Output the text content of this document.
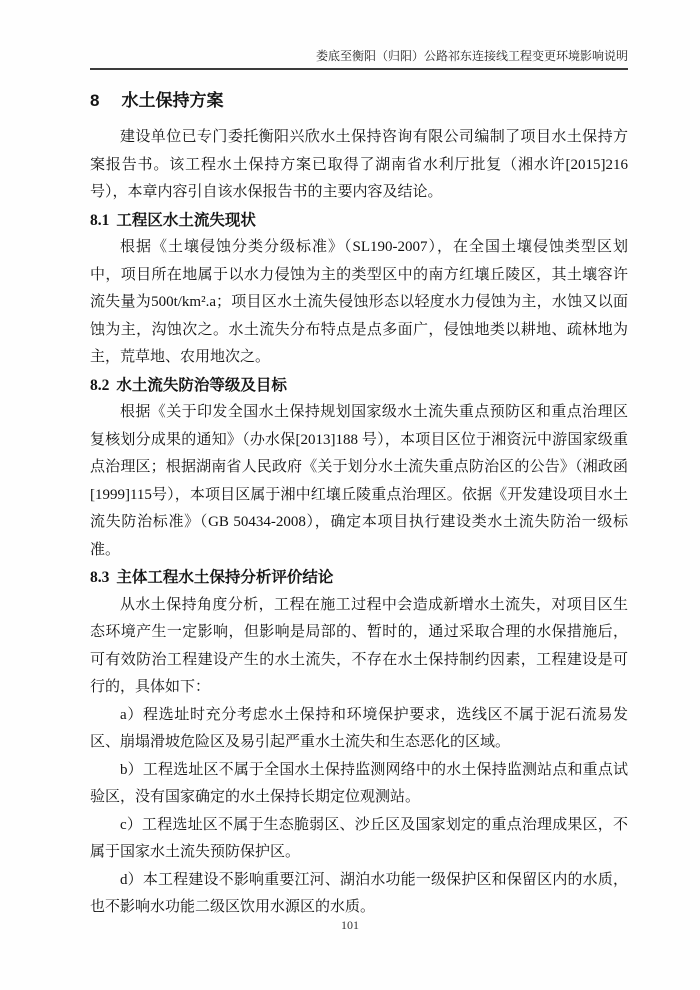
娄底至衡阳（归阳）公路祁东连接线工程变更环境影响说明
8 水土保持方案

建设单位已专门委托衡阳兴欣水土保持咨询有限公司编制了项目水土保持方案报告书。该工程水土保持方案已取得了湖南省水利厅批复（湘水许[2015]216号），本章内容引自该水保报告书的主要内容及结论。

8.1 工程区水土流失现状

根据《土壤侵蚀分类分级标准》（SL190-2007），在全国土壤侵蚀类型区划中，项目所在地属于以水力侵蚀为主的类型区中的南方红壤丘陵区，其土壤容许流失量为500t/km².a；项目区水土流失侵蚀形态以轻度水力侵蚀为主，水蚀又以面蚀为主，沟蚀次之。水土流失分布特点是点多面广，侵蚀地类以耕地、疏林地为主，荒草地、农用地次之。

8.2 水土流失防治等级及目标

根据《关于印发全国水土保持规划国家级水土流失重点预防区和重点治理区复核划分成果的通知》（办水保[2013]188 号），本项目区位于湘资沅中游国家级重点治理区；根据湖南省人民政府《关于划分水土流失重点防治区的公告》（湘政函[1999]115号），本项目区属于湘中红壤丘陵重点治理区。依据《开发建设项目水土流失防治标准》（GB 50434-2008），确定本项目执行建设类水土流失防治一级标准。

8.3 主体工程水土保持分析评价结论

从水土保持角度分析，工程在施工过程中会造成新增水土流失，对项目区生态环境产生一定影响，但影响是局部的、暂时的，通过采取合理的水保措施后，可有效防治工程建设产生的水土流失，不存在水土保持制约因素，工程建设是可行的，具体如下：

a）程选址时充分考虑水土保持和环境保护要求，选线区不属于泥石流易发区、崩塌滑坡危险区及易引起严重水土流失和生态恶化的区域。

b）工程选址区不属于全国水土保持监测网络中的水土保持监测站点和重点试验区，没有国家确定的水土保持长期定位观测站。

c）工程选址区不属于生态脆弱区、沙丘区及国家划定的重点治理成果区，不属于国家水土流失预防保护区。

d）本工程建设不影响重要江河、湖泊水功能一级保护区和保留区内的水质，也不影响水功能二级区饮用水源区的水质。

101
